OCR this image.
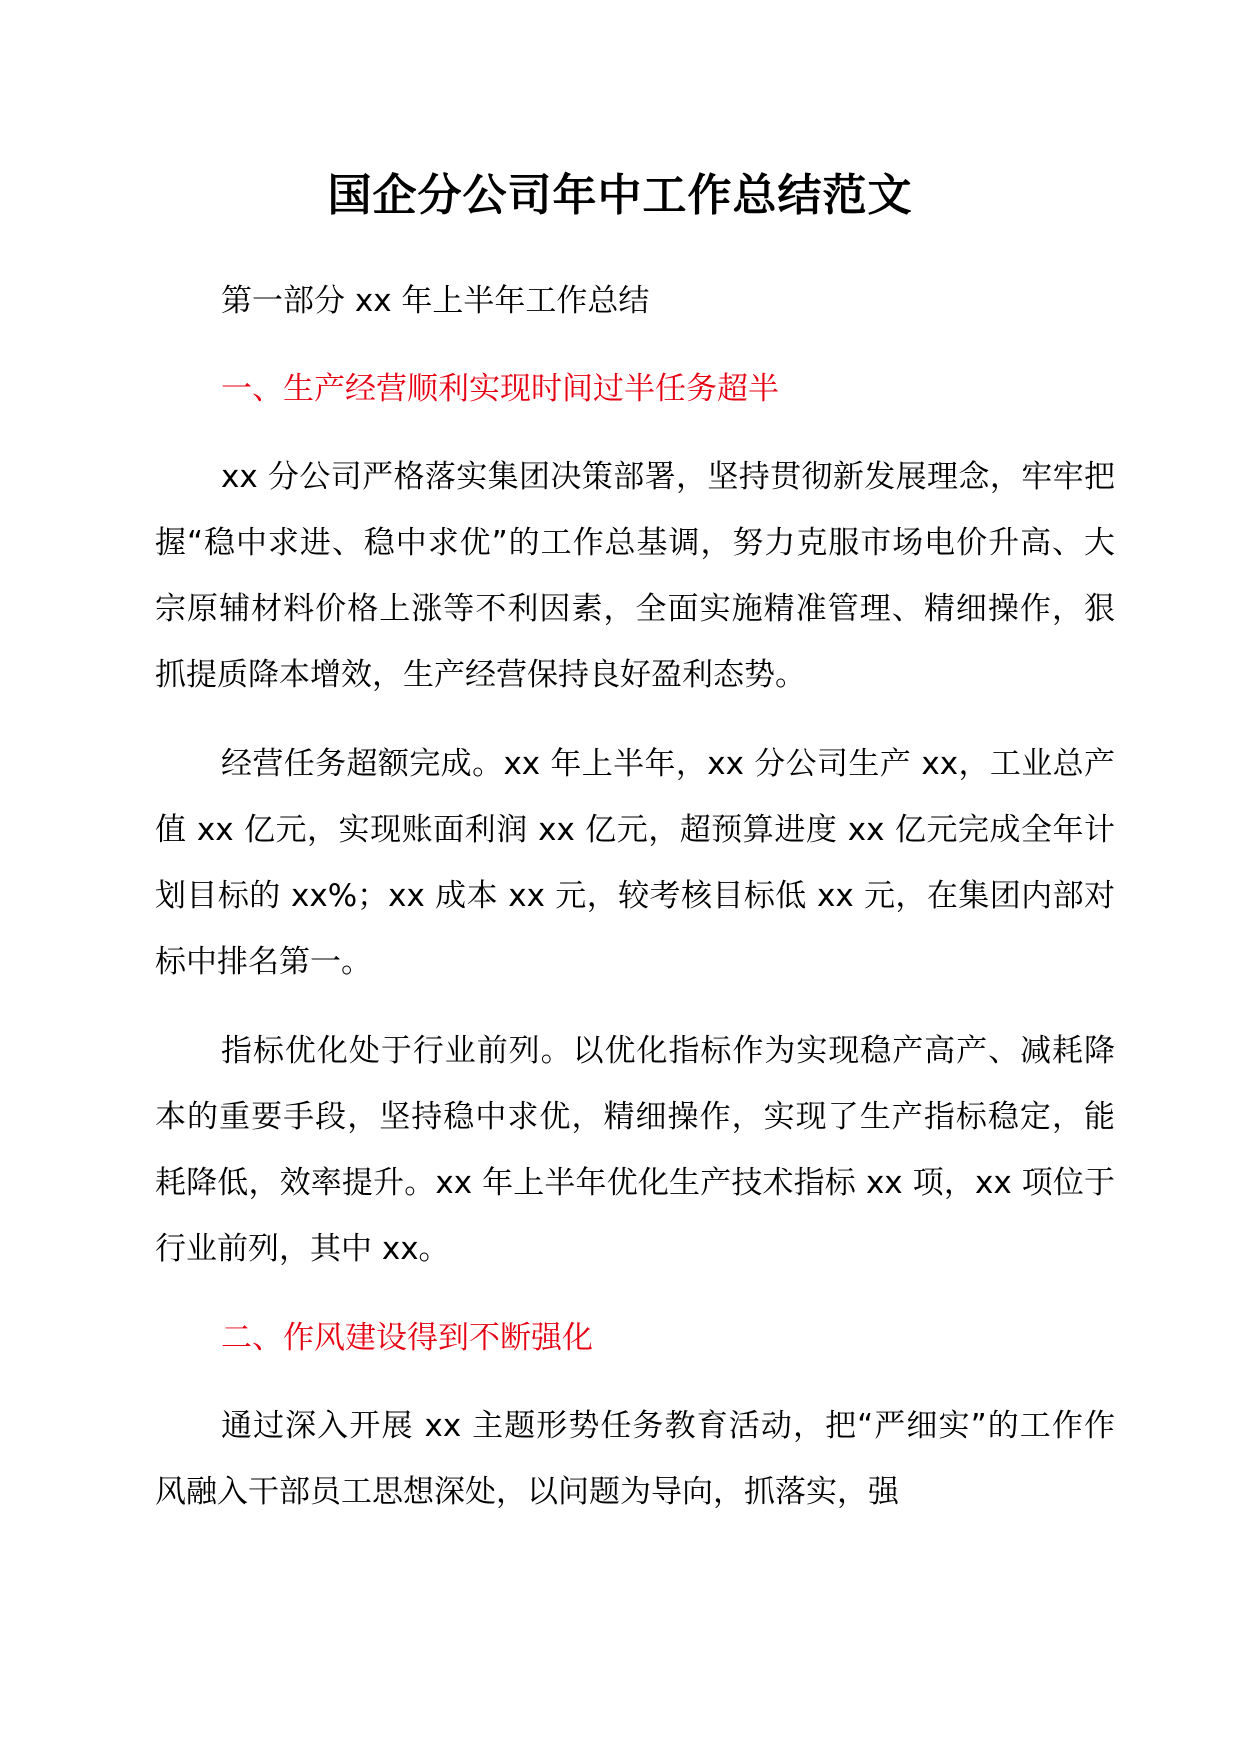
国企分公司年中工作总结范文

第一部分 xx 年上半年工作总结

一、生产经营顺利实现时间过半任务超半

xx 分公司严格落实集团决策部署，坚持贯彻新发展理念，牢牢把握“稳中求进、稳中求优”的工作总基调，努力克服市场电价升高、大宗原辅材料价格上涨等不利因素，全面实施精准管理、精细操作，狠抓提质降本增效，生产经营保持良好盈利态势。

经营任务超额完成。xx 年上半年，xx 分公司生产 xx，工业总产值 xx 亿元，实现账面利润 xx 亿元，超预算进度 xx 亿元完成全年计划目标的 xx%；xx 成本 xx 元，较考核目标低 xx 元，在集团内部对标中排名第一。

指标优化处于行业前列。以优化指标作为实现稳产高产、减耗降本的重要手段，坚持稳中求优，精细操作，实现了生产指标稳定，能耗降低，效率提升。xx 年上半年优化生产技术指标 xx 项，xx 项位于行业前列，其中 xx。

二、作风建设得到不断强化

通过深入开展 xx 主题形势任务教育活动，把“严细实”的工作作风融入干部员工思想深处，以问题为导向，抓落实，强
